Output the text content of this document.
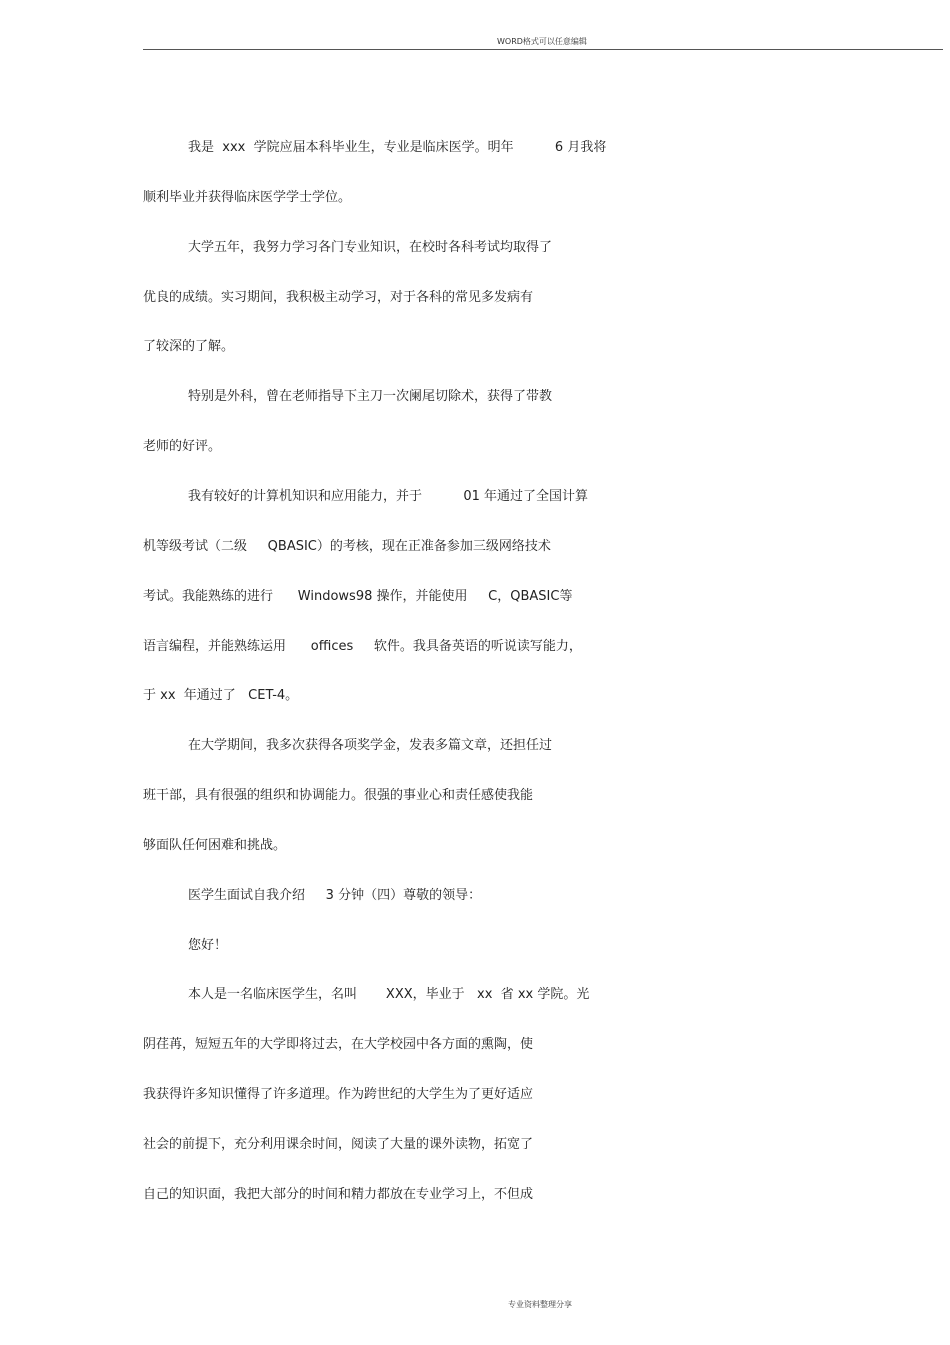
WORD格式可以任意编辑
我是  xxx  学院应届本科毕业生，专业是临床医学。明年          6 月我将
顺利毕业并获得临床医学学士学位。
大学五年，我努力学习各门专业知识，在校时各科考试均取得了
优良的成绩。实习期间，我积极主动学习，对于各科的常见多发病有
了较深的了解。
特别是外科，曾在老师指导下主刀一次阑尾切除术，获得了带教
老师的好评。
我有较好的计算机知识和应用能力，并于          01 年通过了全国计算
机等级考试（二级     QBASIC）的考核，现在正准备参加三级网络技术
考试。我能熟练的进行      Windows98 操作，并能使用     C，QBASIC等
语言编程，并能熟练运用      offices     软件。我具备英语的听说读写能力，
于 xx  年通过了   CET-4。
在大学期间，我多次获得各项奖学金，发表多篇文章，还担任过
班干部，具有很强的组织和协调能力。很强的事业心和责任感使我能
够面队任何困难和挑战。
医学生面试自我介绍     3 分钟（四）尊敬的领导：
您好！
本人是一名临床医学生，名叫       XXX，毕业于   xx  省 xx 学院。光
阴荏苒，短短五年的大学即将过去，在大学校园中各方面的熏陶，使
我获得许多知识懂得了许多道理。作为跨世纪的大学生为了更好适应
社会的前提下，充分利用课余时间，阅读了大量的课外读物，拓宽了
自己的知识面，我把大部分的时间和精力都放在专业学习上，不但成
专业资料整理分享
